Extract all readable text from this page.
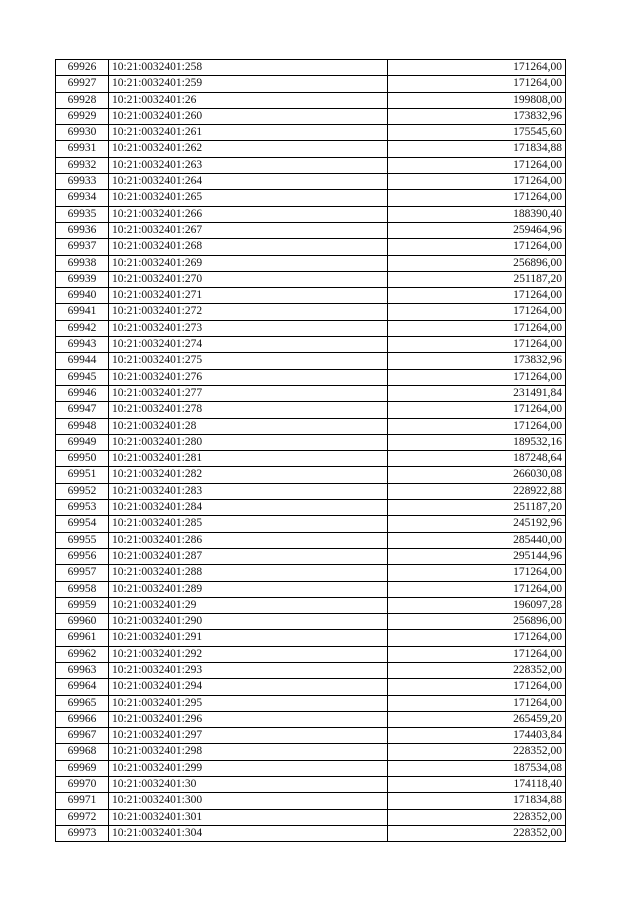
69926	10:21:0032401:258	171264,00
69927	10:21:0032401:259	171264,00
69928	10:21:0032401:26	199808,00
69929	10:21:0032401:260	173832,96
69930	10:21:0032401:261	175545,60
69931	10:21:0032401:262	171834,88
69932	10:21:0032401:263	171264,00
69933	10:21:0032401:264	171264,00
69934	10:21:0032401:265	171264,00
69935	10:21:0032401:266	188390,40
69936	10:21:0032401:267	259464,96
69937	10:21:0032401:268	171264,00
69938	10:21:0032401:269	256896,00
69939	10:21:0032401:270	251187,20
69940	10:21:0032401:271	171264,00
69941	10:21:0032401:272	171264,00
69942	10:21:0032401:273	171264,00
69943	10:21:0032401:274	171264,00
69944	10:21:0032401:275	173832,96
69945	10:21:0032401:276	171264,00
69946	10:21:0032401:277	231491,84
69947	10:21:0032401:278	171264,00
69948	10:21:0032401:28	171264,00
69949	10:21:0032401:280	189532,16
69950	10:21:0032401:281	187248,64
69951	10:21:0032401:282	266030,08
69952	10:21:0032401:283	228922,88
69953	10:21:0032401:284	251187,20
69954	10:21:0032401:285	245192,96
69955	10:21:0032401:286	285440,00
69956	10:21:0032401:287	295144,96
69957	10:21:0032401:288	171264,00
69958	10:21:0032401:289	171264,00
69959	10:21:0032401:29	196097,28
69960	10:21:0032401:290	256896,00
69961	10:21:0032401:291	171264,00
69962	10:21:0032401:292	171264,00
69963	10:21:0032401:293	228352,00
69964	10:21:0032401:294	171264,00
69965	10:21:0032401:295	171264,00
69966	10:21:0032401:296	265459,20
69967	10:21:0032401:297	174403,84
69968	10:21:0032401:298	228352,00
69969	10:21:0032401:299	187534,08
69970	10:21:0032401:30	174118,40
69971	10:21:0032401:300	171834,88
69972	10:21:0032401:301	228352,00
69973	10:21:0032401:304	228352,00
